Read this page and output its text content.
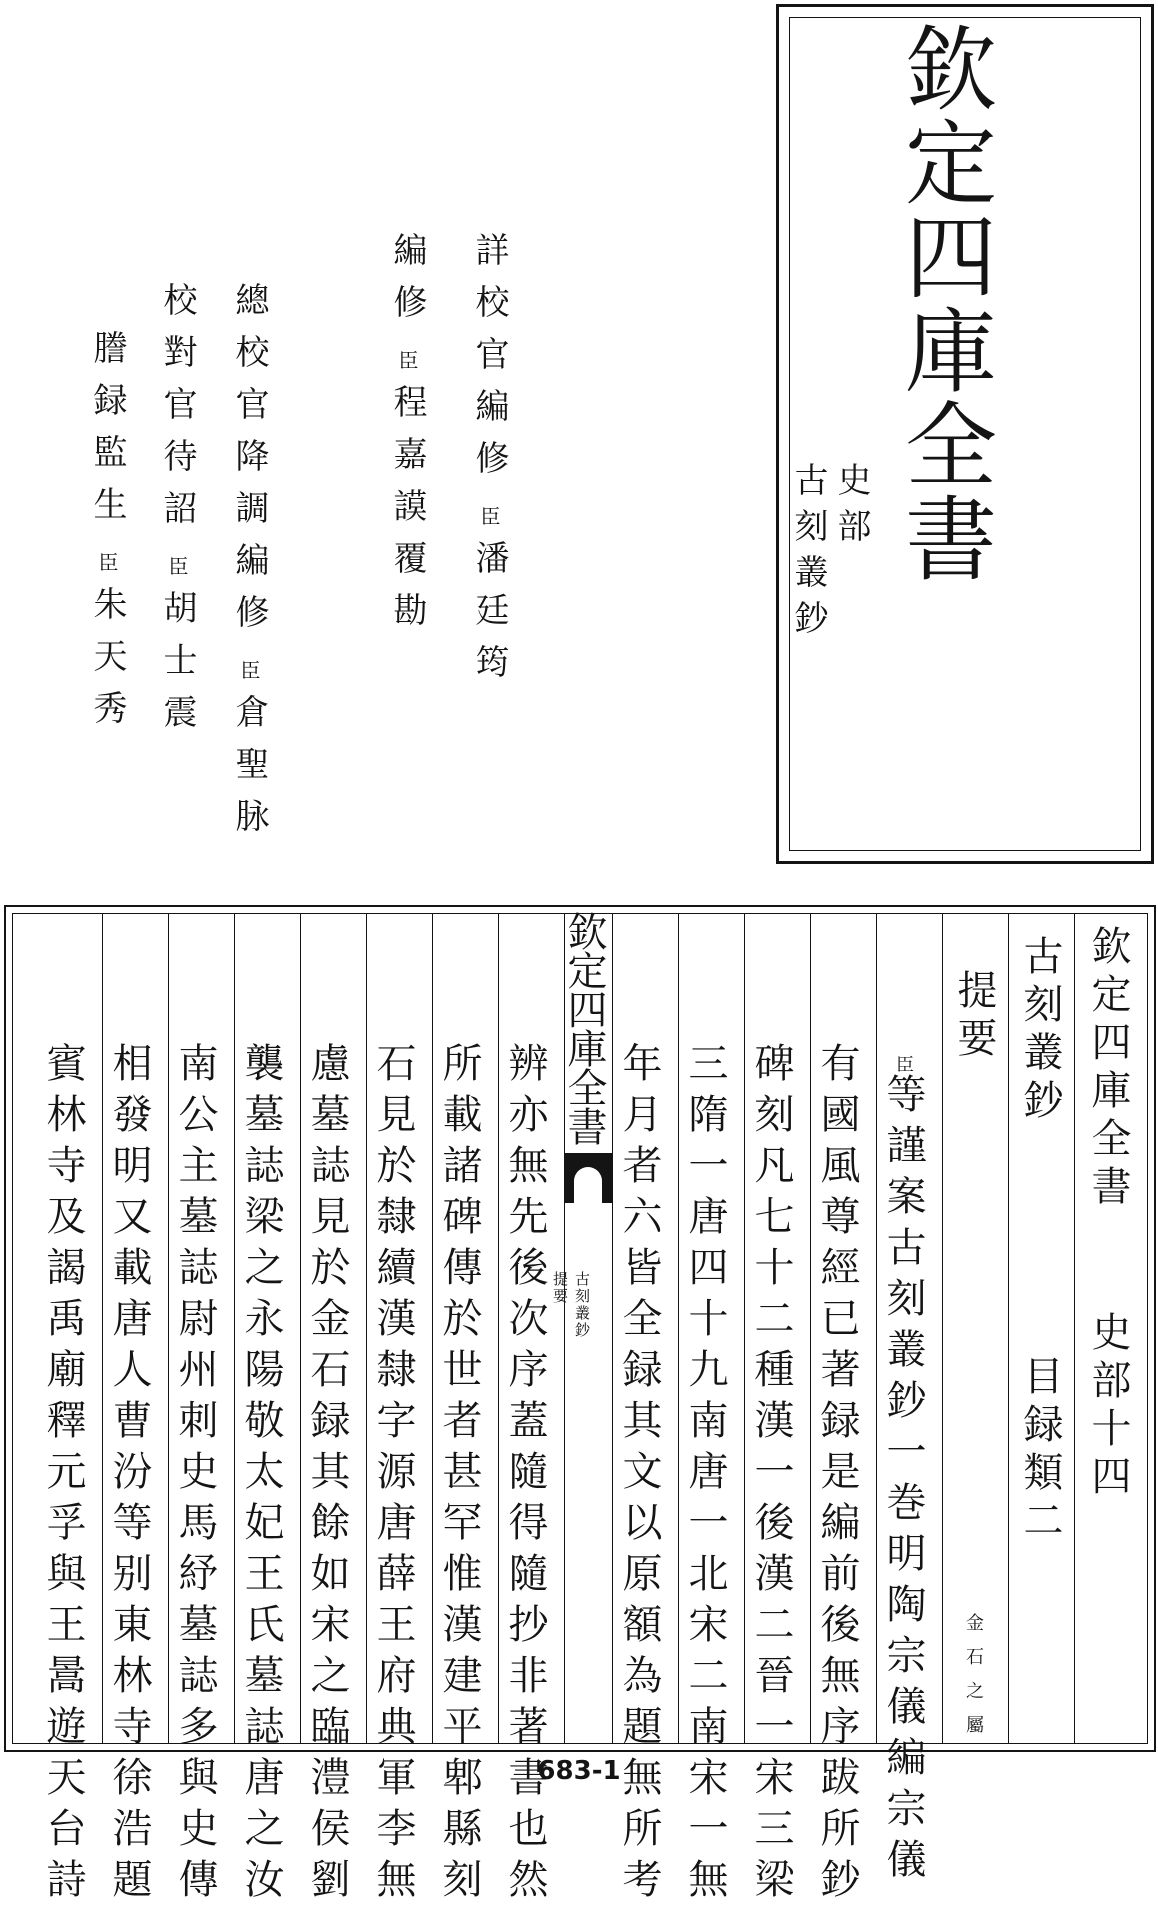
欽定四庫全書
史部
古刻叢鈔
詳校官編修臣潘廷筠
編修臣程嘉謨覆勘
總校官降調編修臣倉聖脉
校對官待詔臣胡士震
謄録監生臣朱天秀
欽定四庫全書
史部十四
古刻叢鈔
目録類二
金石之屬
提要
臣等謹案古刻叢鈔一巻明陶宗儀編宗儀
有國風尊經已著録是編前後無序跋所鈔
碑刻凡七十二種漢一後漢二晉一宋三梁
三隋一唐四十九南唐一北宋二南宋一無
年月者六皆全録其文以原額為題無所考
欽定四庫全書
古刻叢鈔
提要
辨亦無先後次序蓋隨得隨抄非著書也然
所載諸碑傳於世者甚罕惟漢建平郫縣刻
石見於隸續漢隸字源唐薛王府典軍李無
慮墓誌見於金石録其餘如宋之臨澧侯劉
襲墓誌梁之永陽敬太妃王氏墓誌唐之汝
南公主墓誌尉州刺史馬紓墓誌多與史傳
相發明又載唐人曹汾等别東林寺徐浩題
賓林寺及謁禹廟釋元孚與王暠遊天台詩	683-1
